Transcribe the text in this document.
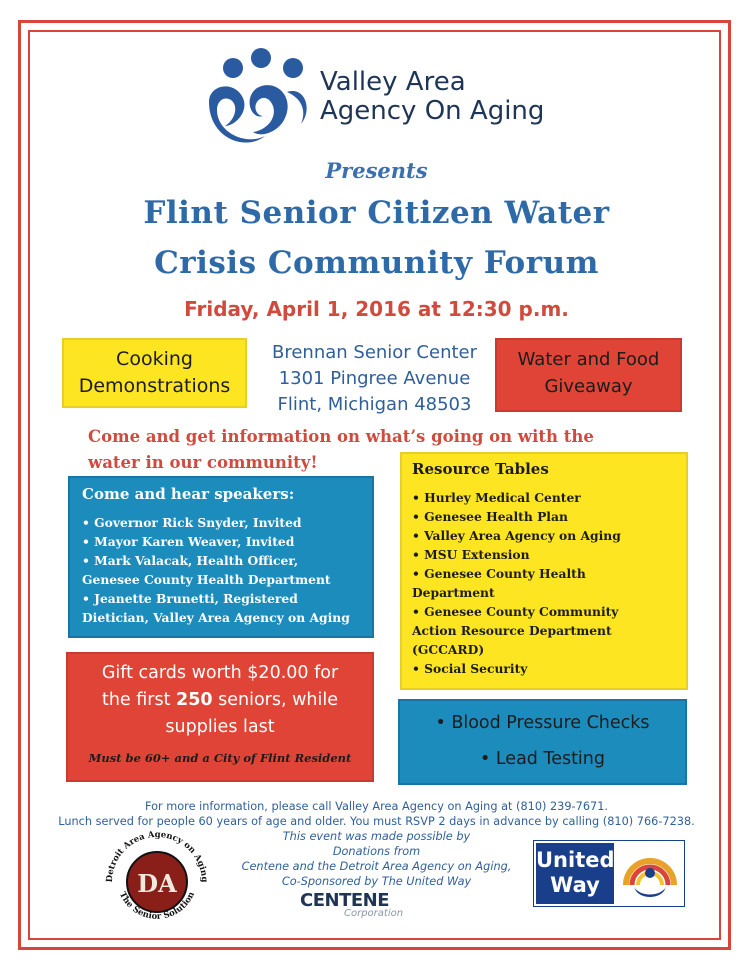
Valley Area
Agency On Aging
Presents
Flint Senior Citizen Water
Crisis Community Forum
Friday, April 1, 2016 at 12:30 p.m.
Cooking
Demonstrations
Brennan Senior Center
1301 Pingree Avenue
Flint, Michigan 48503
Water and Food
Giveaway
Come and get information on what’s going on with the
water in our community!
Come and hear speakers:
• Governor Rick Snyder, Invited
• Mayor Karen Weaver, Invited
• Mark Valacak, Health Officer,
Genesee County Health Department
• Jeanette Brunetti, Registered
Dietician, Valley Area Agency on Aging
Resource Tables
• Hurley Medical Center
• Genesee Health Plan
• Valley Area Agency on Aging
• MSU Extension
• Genesee County Health
Department
• Genesee County Community
Action Resource Department
(GCCARD)
• Social Security
Gift cards worth $20.00 for
the first 250 seniors, while
supplies last
Must be 60+ and a City of Flint Resident
• Blood Pressure Checks
• Lead Testing
For more information, please call Valley Area Agency on Aging at (810) 239-7671.
Lunch served for people 60 years of age and older. You must RSVP 2 days in advance by calling (810) 766-7238.
This event was made possible by
Donations from
Centene and the Detroit Area Agency on Aging,
Co-Sponsored by The United Way
Detroit Area Agency on Aging
The Senior Solution
DA
CENTENE
Corporation
United
Way
